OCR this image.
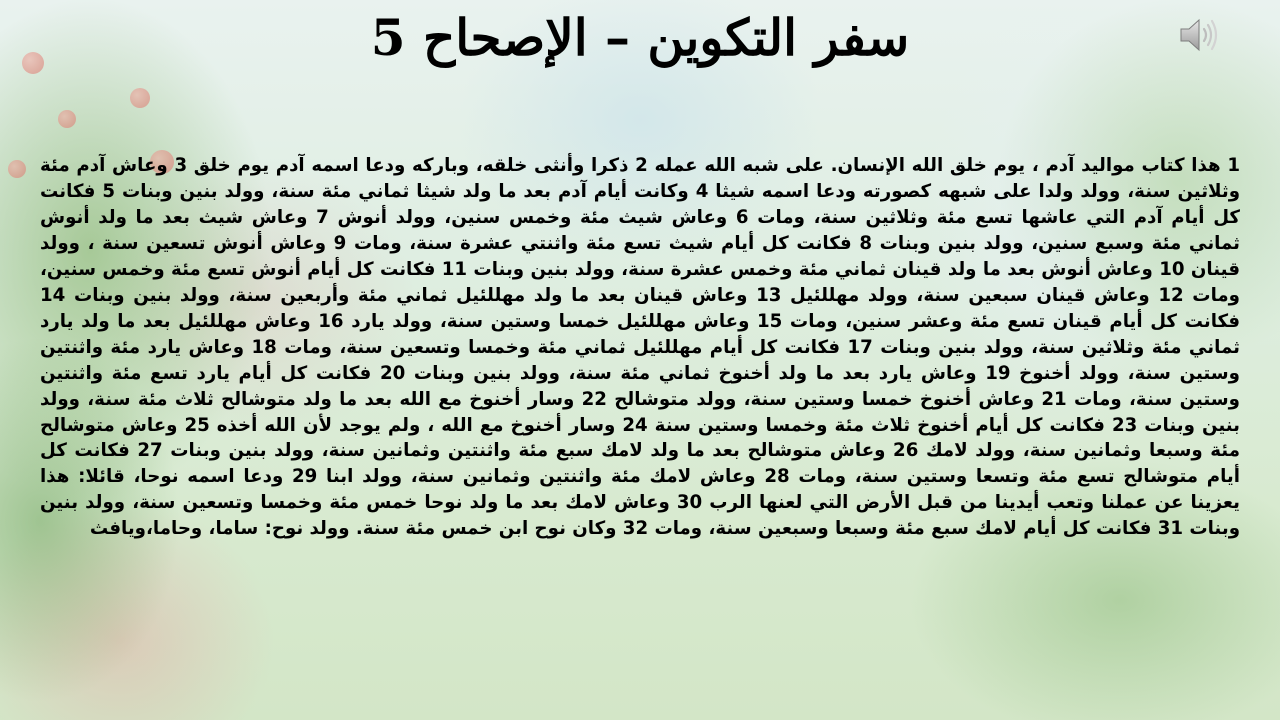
سفر التكوين – الإصحاح 5

1 هذا كتاب مواليد آدم ، يوم خلق الله الإنسان. على شبه الله عمله 2 ذكرا وأنثى خلقه، وباركه ودعا اسمه آدم يوم خلق 3 وعاش آدم مئة وثلاثين سنة، وولد ولدا على شبهه كصورته ودعا اسمه شيثا 4 وكانت أيام آدم بعد ما ولد شيثا ثماني مئة سنة، وولد بنين وبنات 5 فكانت كل أيام آدم التي عاشها تسع مئة وثلاثين سنة، ومات 6 وعاش شيث مئة وخمس سنين، وولد أنوش 7 وعاش شيث بعد ما ولد أنوش ثماني مئة وسبع سنين، وولد بنين وبنات 8 فكانت كل أيام شيث تسع مئة واثنتي عشرة سنة، ومات 9 وعاش أنوش تسعين سنة ، وولد قينان 10 وعاش أنوش بعد ما ولد قينان ثماني مئة وخمس عشرة سنة، وولد بنين وبنات 11 فكانت كل أيام أنوش تسع مئة وخمس سنين، ومات 12 وعاش قينان سبعين سنة، وولد مهللئيل 13 وعاش قينان بعد ما ولد مهللئيل ثماني مئة وأربعين سنة، وولد بنين وبنات 14 فكانت كل أيام قينان تسع مئة وعشر سنين، ومات 15 وعاش مهللئيل خمسا وستين سنة، وولد يارد 16 وعاش مهللئيل بعد ما ولد يارد ثماني مئة وثلاثين سنة، وولد بنين وبنات 17 فكانت كل أيام مهللئيل ثماني مئة وخمسا وتسعين سنة، ومات 18 وعاش يارد مئة واثنتين وستين سنة، وولد أخنوخ 19 وعاش يارد بعد ما ولد أخنوخ ثماني مئة سنة، وولد بنين وبنات 20 فكانت كل أيام يارد تسع مئة واثنتين وستين سنة، ومات 21 وعاش أخنوخ خمسا وستين سنة، وولد متوشالح 22 وسار أخنوخ مع الله بعد ما ولد متوشالح ثلاث مئة سنة، وولد بنين وبنات 23 فكانت كل أيام أخنوخ ثلاث مئة وخمسا وستين سنة 24 وسار أخنوخ مع الله ، ولم يوجد لأن الله أخذه 25 وعاش متوشالح مئة وسبعا وثمانين سنة، وولد لامك 26 وعاش متوشالح بعد ما ولد لامك سبع مئة واثنتين وثمانين سنة، وولد بنين وبنات 27 فكانت كل أيام متوشالح تسع مئة وتسعا وستين سنة، ومات 28 وعاش لامك مئة واثنتين وثمانين سنة، وولد ابنا 29 ودعا اسمه نوحا، قائلا: هذا يعزينا عن عملنا وتعب أيدينا من قبل الأرض التي لعنها الرب 30 وعاش لامك بعد ما ولد نوحا خمس مئة وخمسا وتسعين سنة، وولد بنين وبنات 31 فكانت كل أيام لامك سبع مئة وسبعا وسبعين سنة، ومات 32 وكان نوح ابن خمس مئة سنة. وولد نوح: ساما، وحاما،ويافث
